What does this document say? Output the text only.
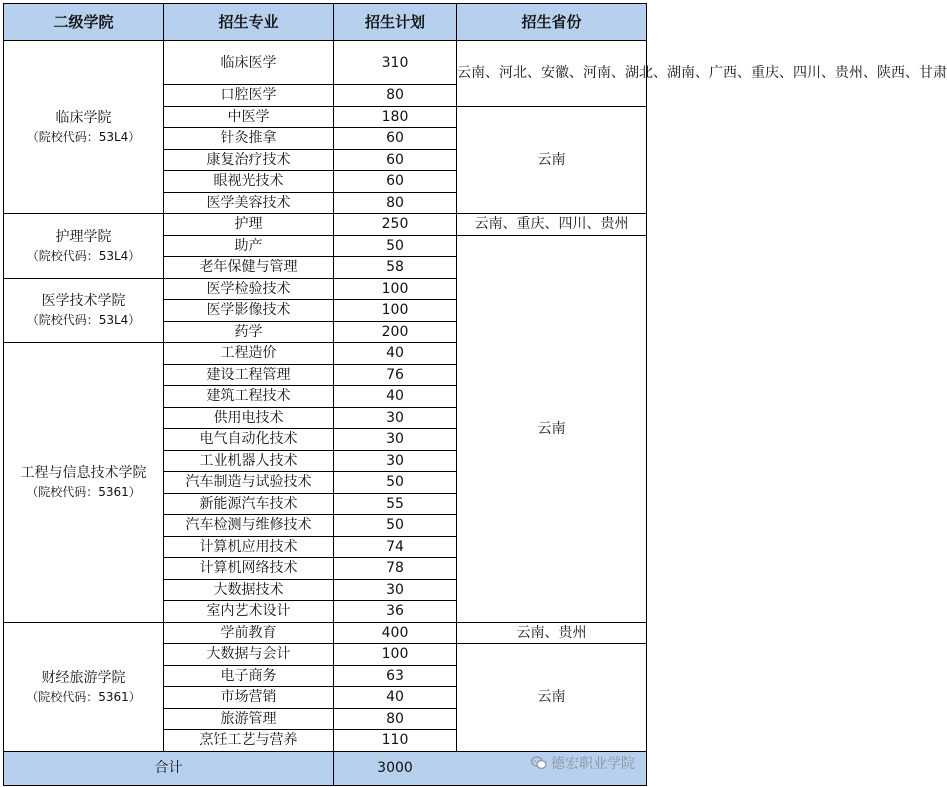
二级学院	招生专业	招生计划	招生省份
临床学院
（院校代码：53L4）	临床医学	310	云南、河北、安徽、河南、湖北、湖南、广西、重庆、四川、贵州、陕西、甘肃
	口腔医学	80	
	中医学	180	云南
	针灸推拿	60	
	康复治疗技术	60	
	眼视光技术	60	
	医学美容技术	80	
护理学院
（院校代码：53L4）	护理	250	云南、重庆、四川、贵州
	助产	50	云南
	老年保健与管理	58	
医学技术学院
（院校代码：53L4）	医学检验技术	100	
	医学影像技术	100	
	药学	200	
工程与信息技术学院
（院校代码：5361）	工程造价	40	
	建设工程管理	76	
	建筑工程技术	40	
	供用电技术	30	
	电气自动化技术	30	
	工业机器人技术	30	
	汽车制造与试验技术	50	
	新能源汽车技术	55	
	汽车检测与维修技术	50	
	计算机应用技术	74	
	计算机网络技术	78	
	大数据技术	30	
	室内艺术设计	36	
财经旅游学院
（院校代码：5361）	学前教育	400	云南、贵州
	大数据与会计	100	云南
	电子商务	63	
	市场营销	40	
	旅游管理	80	
	烹饪工艺与营养	110	
合计		3000		德宏职业学院
